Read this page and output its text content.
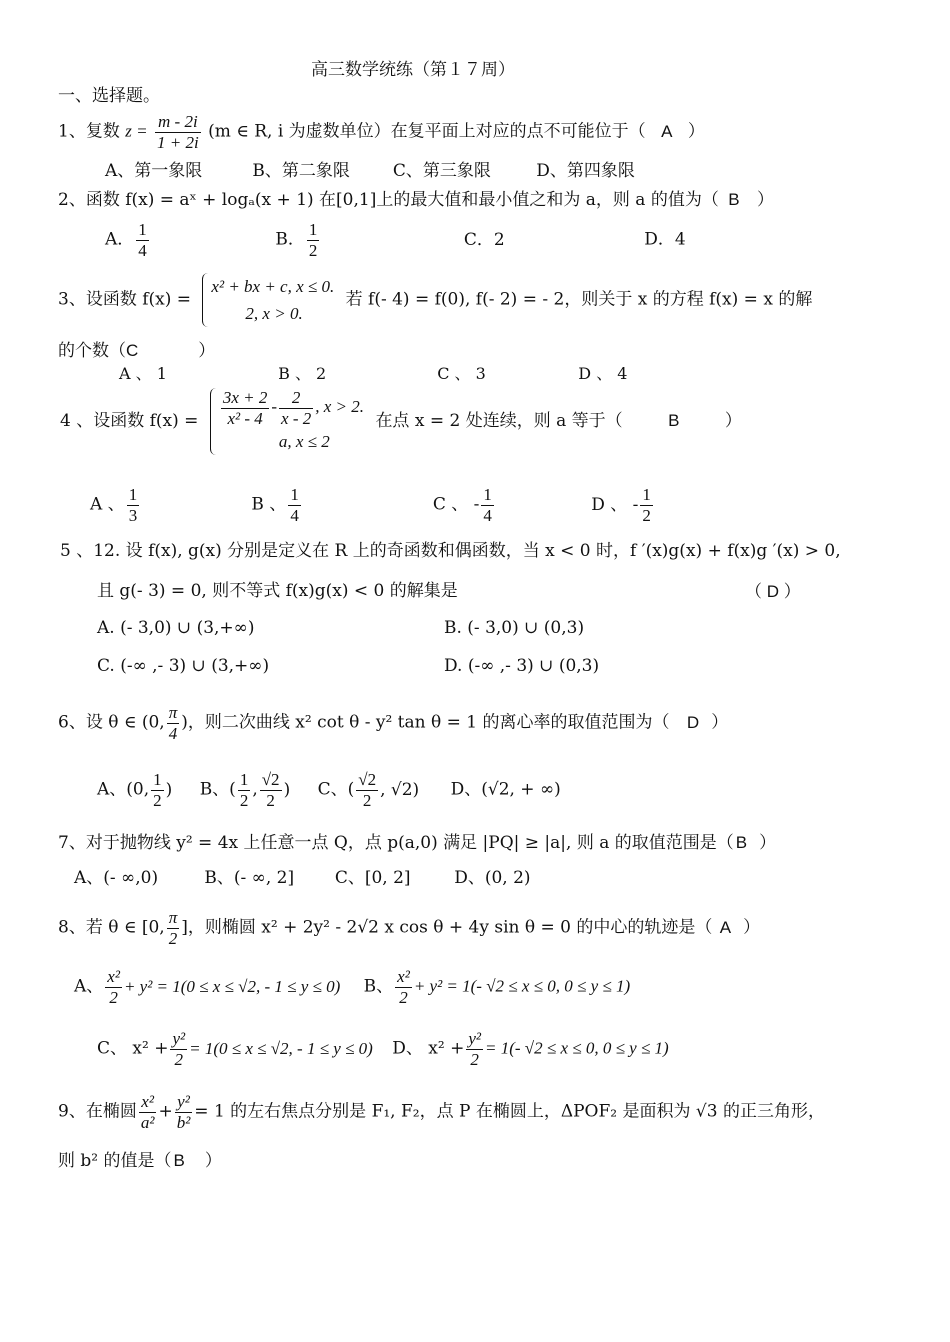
高三数学统练（第１７周）
一、选择题。
1、复数 $z = \frac{m - 2i}{1 + 2i} (m$ ∈ R, i 为虚数单位）在复平面上对应的点不可能位于（ A ）
A、第一象限	B、第二象限	C、第三象限	D、第四象限
2、函数 f(x) = aˣ + logₐ(x + 1) 在[0,1]上的最大值和最小值之和为 a，则 a 的值为（ B ）
A． $\frac{1}{4}$	B． $\frac{1}{2}$	C．2	D．4
3、设函数 f(x) =
x² + bx + c, x ≤ 0.
2, x > 0.
若 f(- 4) = f(0), f(- 2) = - 2，则关于 x 的方程 f(x) = x 的解
的个数（C	）
A 、 1	B 、 2	C 、 3	D 、 4
4 、设函数 $f(x) = \frac{3x + 2}{\text{x² - 4}} - \frac{2}{x - 2}$ , x > 2.
a, x ≤ 2
在点 x = 2 处连续，则 a 等于（	B	）
A 、 $\frac{1}{3}$	B 、 $\frac{1}{4}$	C 、 - $\frac{1}{4}$	D 、 - $\frac{1}{2}$
5 、12. 设 f(x), g(x) 分别是定义在 R 上的奇函数和偶函数，当 x < 0 时，f ′(x)g(x) + f(x)g ′(x) > 0,
且 g(- 3) = 0, 则不等式 f(x)g(x) < 0 的解集是	（ D ）
A. (- 3,0) ∪ (3,+∞)	B. (- 3,0) ∪ (0,3)
C. (-∞ ,- 3) ∪ (3,+∞)	D. (-∞ ,- 3) ∪ (0,3)
6、设 θ ∈ (0, $\frac{\pi}{4}$ )，则二次曲线 x² cot θ - y² tan θ = 1 的离心率的取值范围为（ D ）
A、(0, $\frac{1}{2}$ ) B、( $\frac{1}{2}$ , $\frac{√2}{2}$ ) C、( $\frac{√2}{2}$ , √2) D、(√2, + ∞)
7、对于抛物线 y² = 4x 上任意一点 Q，点 p(a,0) 满足 |PQ| ≥ |a|, 则 a 的取值范围是（ B ）
A、(- ∞,0)	B、(- ∞, 2] C、[0, 2]	D、(0, 2)
8、若 θ ∈ [0, $\frac{\pi}{2}$ ]，则椭圆 x² + 2y² - 2√2 x cos θ + 4y sin θ = 0 的中心的轨迹是（ A ）
A、 $\frac{\text{x²}}{2} + y^2 = 1(0 \le x \le √2$, - 1 ≤ y ≤ 0) B、 $\frac{\text{x²}}{2} + y^2 = 1(-$ √2 ≤ x ≤ 0, 0 ≤ y ≤ 1)
C、 $x^2 + \frac{\text{y²}}{2} = 1(0 \le x \le √2$, - 1 ≤ y ≤ 0) D、 $x^2 + \frac{\text{y²}}{2} = 1(-$ √2 ≤ x ≤ 0, 0 ≤ y ≤ 1)
9、在椭圆 $\frac{\text{x²}}{\text{a²}} + \frac{\text{y²}}{\text{b²}} = 1$ 的左右焦点分别是 F₁, F₂，点 P 在椭圆上，ΔPOF₂ 是面积为 √3 的正三角形，
则 b² 的值是（ B ）
